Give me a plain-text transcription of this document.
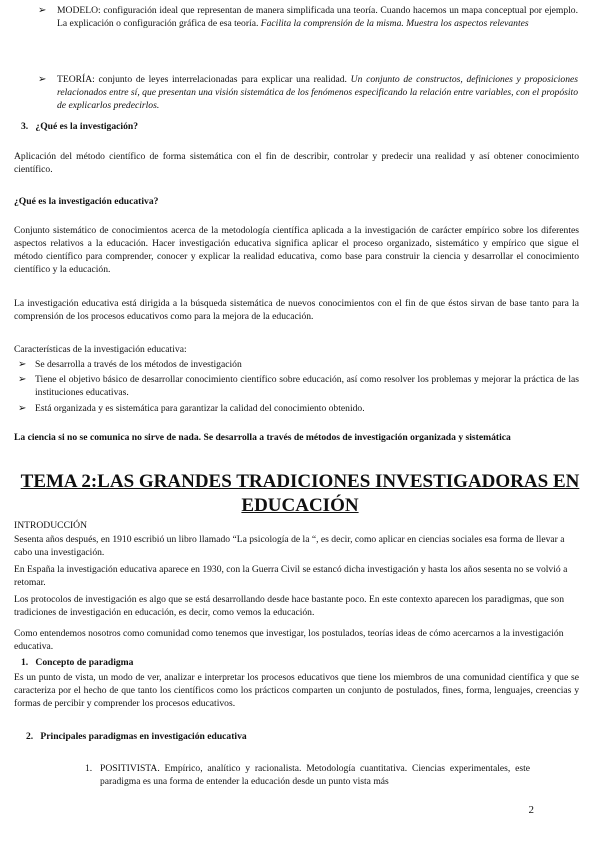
➢ MODELO: configuración ideal que representan de manera simplificada una teoría. Cuando hacemos un mapa conceptual por ejemplo. La explicación o configuración gráfica de esa teoría. Facilita la comprensión de la misma. Muestra los aspectos relevantes

➢ TEORÍA: conjunto de leyes interrelacionadas para explicar una realidad. Un conjunto de constructos, definiciones y proposiciones relacionados entre sí, que presentan una visión sistemática de los fenómenos especificando la relación entre variables, con el propósito de explicarlos predecirlos.

3. ¿Qué es la investigación?

Aplicación del método científico de forma sistemática con el fin de describir, controlar y predecir una realidad y así obtener conocimiento científico.

¿Qué es la investigación educativa?

Conjunto sistemático de conocimientos acerca de la metodología científica aplicada a la investigación de carácter empírico sobre los diferentes aspectos relativos a la educación. Hacer investigación educativa significa aplicar el proceso organizado, sistemático y empírico que sigue el método científico para comprender, conocer y explicar la realidad educativa, como base para construir la ciencia y desarrollar el conocimiento científico y la educación.

La investigación educativa está dirigida a la búsqueda sistemática de nuevos conocimientos con el fin de que éstos sirvan de base tanto para la comprensión de los procesos educativos como para la mejora de la educación.

Características de la investigación educativa:
➢ Se desarrolla a través de los métodos de investigación

➢ Tiene el objetivo básico de desarrollar conocimiento científico sobre educación, así como resolver los problemas y mejorar la práctica de las instituciones educativas.

➢ Está organizada y es sistemática para garantizar la calidad del conocimiento obtenido.

La ciencia si no se comunica no sirve de nada. Se desarrolla a través de métodos de investigación organizada y sistemática

TEMA 2:LAS GRANDES TRADICIONES INVESTIGADORAS EN EDUCACIÓN
INTRODUCCIÓN

Sesenta años después, en 1910 escribió un libro llamado “La psicología de la “, es decir, como aplicar en ciencias sociales esa forma de llevar a cabo una investigación.

En España la investigación educativa aparece en 1930, con la Guerra Civil se estancó dicha investigación y hasta los años sesenta no se volvió a retomar.

Los protocolos de investigación es algo que se está desarrollando desde hace bastante poco. En este contexto aparecen los paradigmas, que son tradiciones de investigación en educación, es decir, como vemos la educación.

Como entendemos nosotros como comunidad como tenemos que investigar, los postulados, teorías ideas de cómo acercarnos a la investigación educativa.

1. Concepto de paradigma

Es un punto de vista, un modo de ver, analizar e interpretar los procesos educativos que tiene los miembros de una comunidad científica y que se caracteriza por el hecho de que tanto los científicos como los prácticos comparten un conjunto de postulados, fines, forma, lenguajes, creencias y formas de percibir y comprender los procesos educativos.

2. Principales paradigmas en investigación educativa
1. POSITIVISTA. Empírico, analítico y racionalista. Metodología cuantitativa. Ciencias experimentales, este paradigma es una forma de entender la educación desde un punto vista más

2
